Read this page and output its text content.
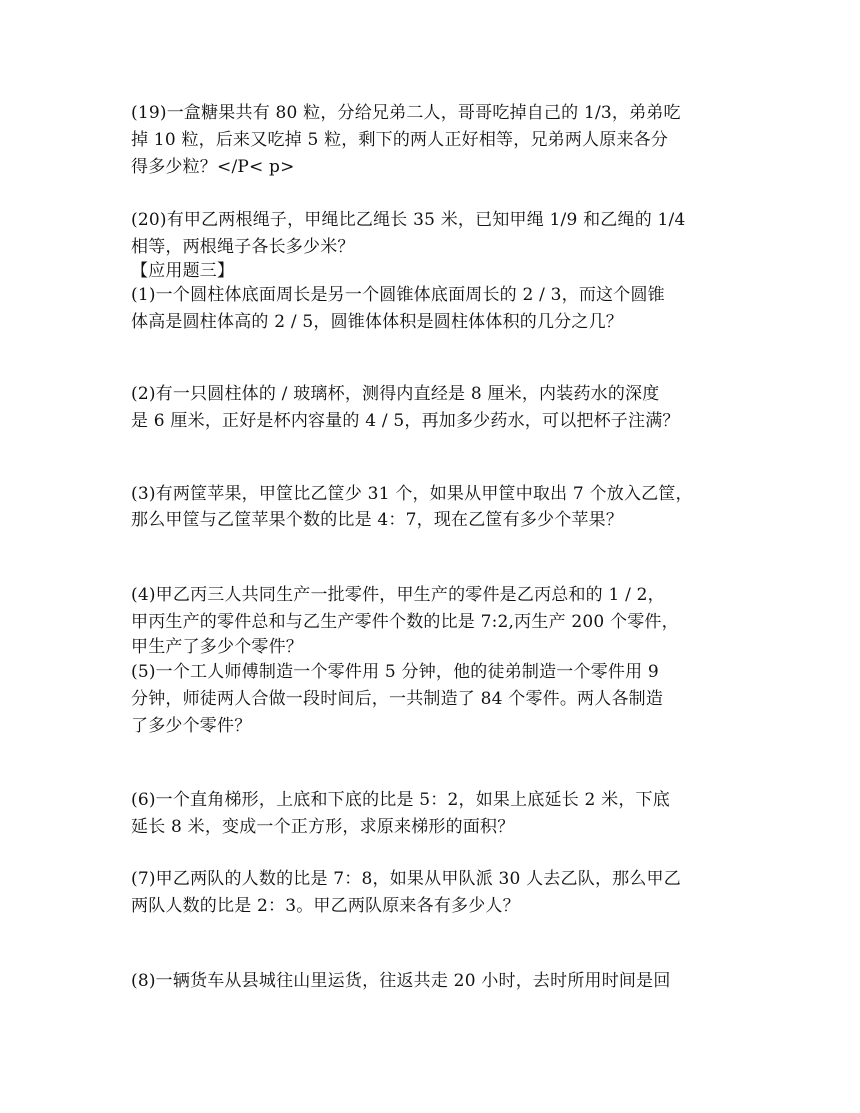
(19)一盒糖果共有 80 粒，分给兄弟二人，哥哥吃掉自己的 1/3，弟弟吃
掉 10 粒，后来又吃掉 5 粒，剩下的两人正好相等，兄弟两人原来各分
得多少粒？</P< p>
(20)有甲乙两根绳子，甲绳比乙绳长 35 米，已知甲绳 1/9 和乙绳的 1/4
相等，两根绳子各长多少米？
【应用题三】
(1)一个圆柱体底面周长是另一个圆锥体底面周长的 2 / 3，而这个圆锥
体高是圆柱体高的 2 / 5，圆锥体体积是圆柱体体积的几分之几？
(2)有一只圆柱体的 / 玻璃杯，测得内直经是 8 厘米，内装药水的深度
是 6 厘米，正好是杯内容量的 4 / 5，再加多少药水，可以把杯子注满？
(3)有两筐苹果，甲筐比乙筐少 31 个，如果从甲筐中取出 7 个放入乙筐，
那么甲筐与乙筐苹果个数的比是 4：7，现在乙筐有多少个苹果？
(4)甲乙丙三人共同生产一批零件，甲生产的零件是乙丙总和的 1 / 2，
甲丙生产的零件总和与乙生产零件个数的比是 7:2,丙生产 200 个零件，
甲生产了多少个零件？
(5)一个工人师傅制造一个零件用 5 分钟，他的徒弟制造一个零件用 9
分钟，师徒两人合做一段时间后，一共制造了 84 个零件。两人各制造
了多少个零件？
(6)一个直角梯形，上底和下底的比是 5：2，如果上底延长 2 米，下底
延长 8 米，变成一个正方形，求原来梯形的面积？
(7)甲乙两队的人数的比是 7：8，如果从甲队派 30 人去乙队，那么甲乙
两队人数的比是 2：3。甲乙两队原来各有多少人？
(8)一辆货车从县城往山里运货，往返共走 20 小时，去时所用时间是回
